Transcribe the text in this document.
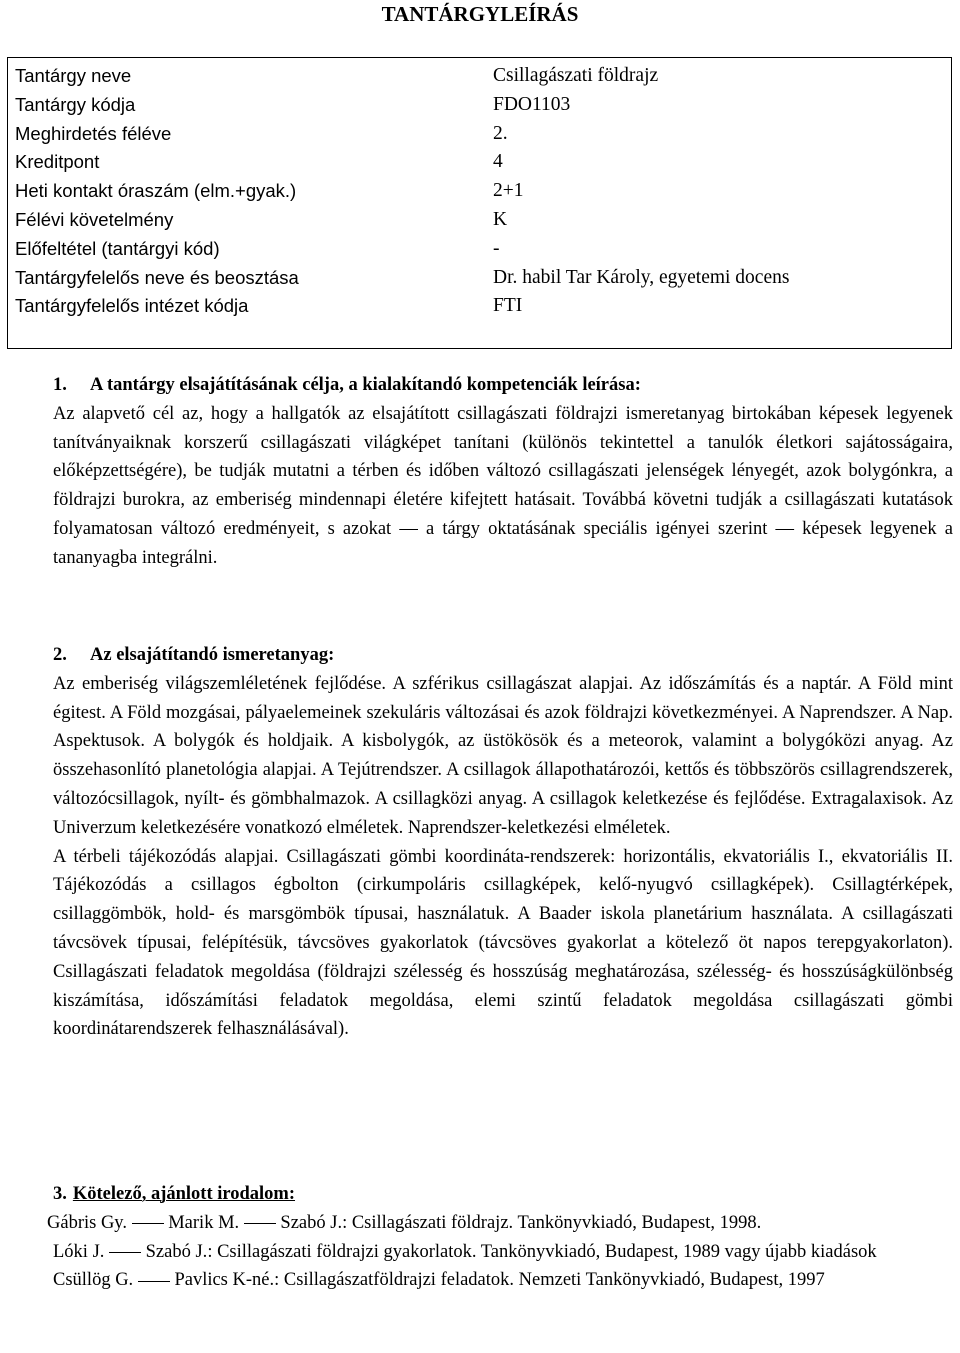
TANTÁRGYLEÍRÁS
Tantárgy neve	Csillagászati földrajz
Tantárgy kódja	FDO1103
Meghirdetés féléve	2.
Kreditpont	4
Heti kontakt óraszám (elm.+gyak.)	2+1
Félévi követelmény	K
Előfeltétel (tantárgyi kód)	-
Tantárgyfelelős neve és beosztása	Dr. habil Tar Károly, egyetemi docens
Tantárgyfelelős intézet kódja	FTI
1. A tantárgy elsajátításának célja, a kialakítandó kompetenciák leírása:

Az alapvető cél az, hogy a hallgatók az elsajátított csillagászati földrajzi ismeretanyag birtokában képesek legyenek tanítványaiknak korszerű csillagászati világképet tanítani (különös tekintettel a tanulók életkori sajátosságaira, előképzettségére), be tudják mutatni a térben és időben változó csillagászati jelenségek lényegét, azok bolygónkra, a földrajzi burokra, az emberiség mindennapi életére kifejtett hatásait. Továbbá követni tudják a csillagászati kutatások folyamatosan változó eredményeit, s azokat — a tárgy oktatásának speciális igényei szerint — képesek legyenek a tananyagba integrálni.

2. Az elsajátítandó ismeretanyag:

Az emberiség világszemléletének fejlődése. A szférikus csillagászat alapjai. Az időszámítás és a naptár. A Föld mint égitest. A Föld mozgásai, pályaelemeinek szekuláris változásai és azok földrajzi következményei. A Naprendszer. A Nap. Aspektusok. A bolygók és holdjaik. A kisbolygók, az üstökösök és a meteorok, valamint a bolygóközi anyag. Az összehasonlító planetológia alapjai. A Tejútrendszer. A csillagok állapothatározói, kettős és többszörös csillagrendszerek, változócsillagok, nyílt- és gömbhalmazok. A csillagközi anyag. A csillagok keletkezése és fejlődése. Extragalaxisok. Az Univerzum keletkezésére vonatkozó elméletek. Naprendszer-keletkezési elméletek.

A térbeli tájékozódás alapjai. Csillagászati gömbi koordináta-rendszerek: horizontális, ekvatoriális I., ekvatoriális II. Tájékozódás a csillagos égbolton (cirkumpoláris csillagképek, kelő-nyugvó csillagképek). Csillagtérképek, csillaggömbök, hold- és marsgömbök típusai, használatuk. A Baader iskola planetárium használata. A csillagászati távcsövek típusai, felépítésük, távcsöves gyakorlatok (távcsöves gyakorlat a kötelező öt napos terepgyakorlaton). Csillagászati feladatok megoldása (földrajzi szélesség és hosszúság meghatározása, szélesség- és hosszúságkülönbség kiszámítása, időszámítási feladatok megoldása, elemi szintű feladatok megoldása csillagászati gömbi koordinátarendszerek felhasználásával).

3. Kötelező, ajánlott irodalom:

Gábris Gy. Marik M. Szabó J.: Csillagászati földrajz. Tankönyvkiadó, Budapest, 1998.

Lóki J. Szabó J.: Csillagászati földrajzi gyakorlatok. Tankönyvkiadó, Budapest, 1989 vagy újabb kiadások

Csüllög G. Pavlics K-né.: Csillagászatföldrajzi feladatok. Nemzeti Tankönyvkiadó, Budapest, 1997
